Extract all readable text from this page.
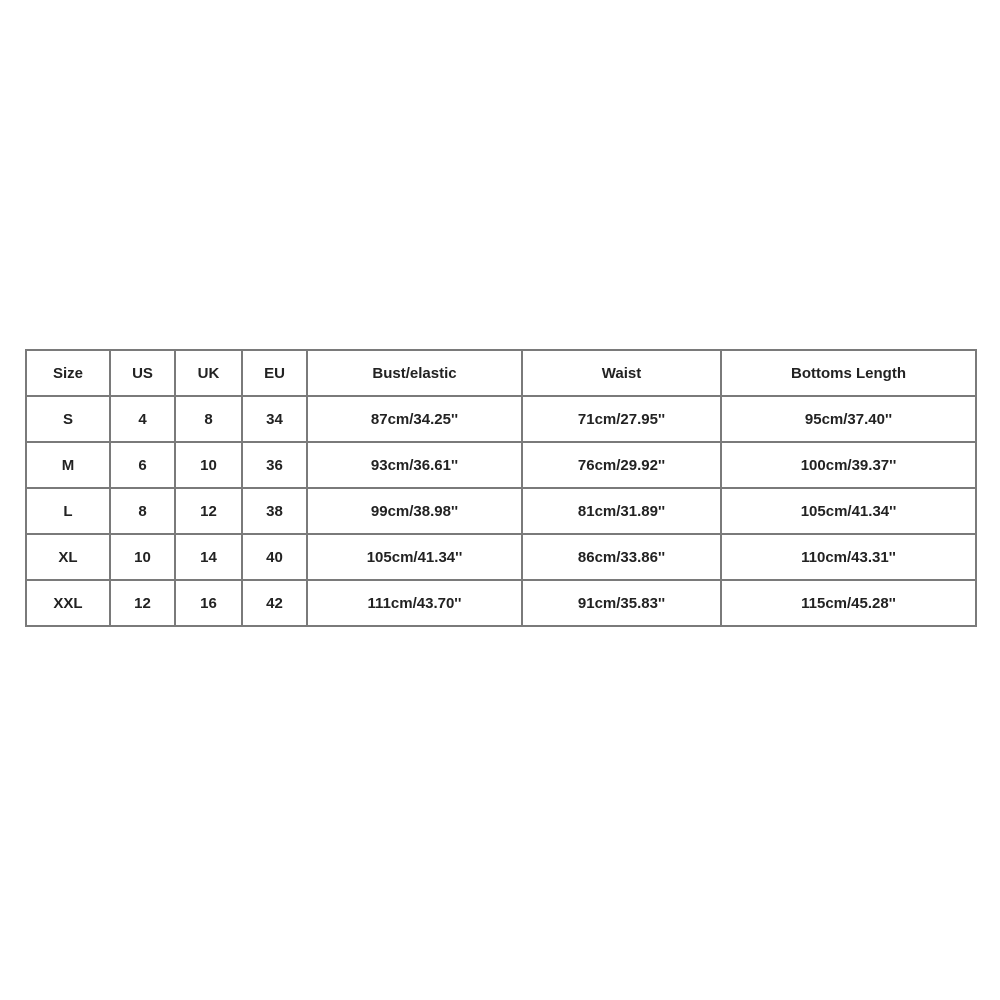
Size	US	UK	EU	Bust/elastic	Waist	Bottoms Length
S	4	8	34	87cm/34.25''	71cm/27.95''	95cm/37.40''
M	6	10	36	93cm/36.61''	76cm/29.92''	100cm/39.37''
L	8	12	38	99cm/38.98''	81cm/31.89''	105cm/41.34''
XL	10	14	40	105cm/41.34''	86cm/33.86''	110cm/43.31''
XXL	12	16	42	111cm/43.70''	91cm/35.83''	115cm/45.28''
